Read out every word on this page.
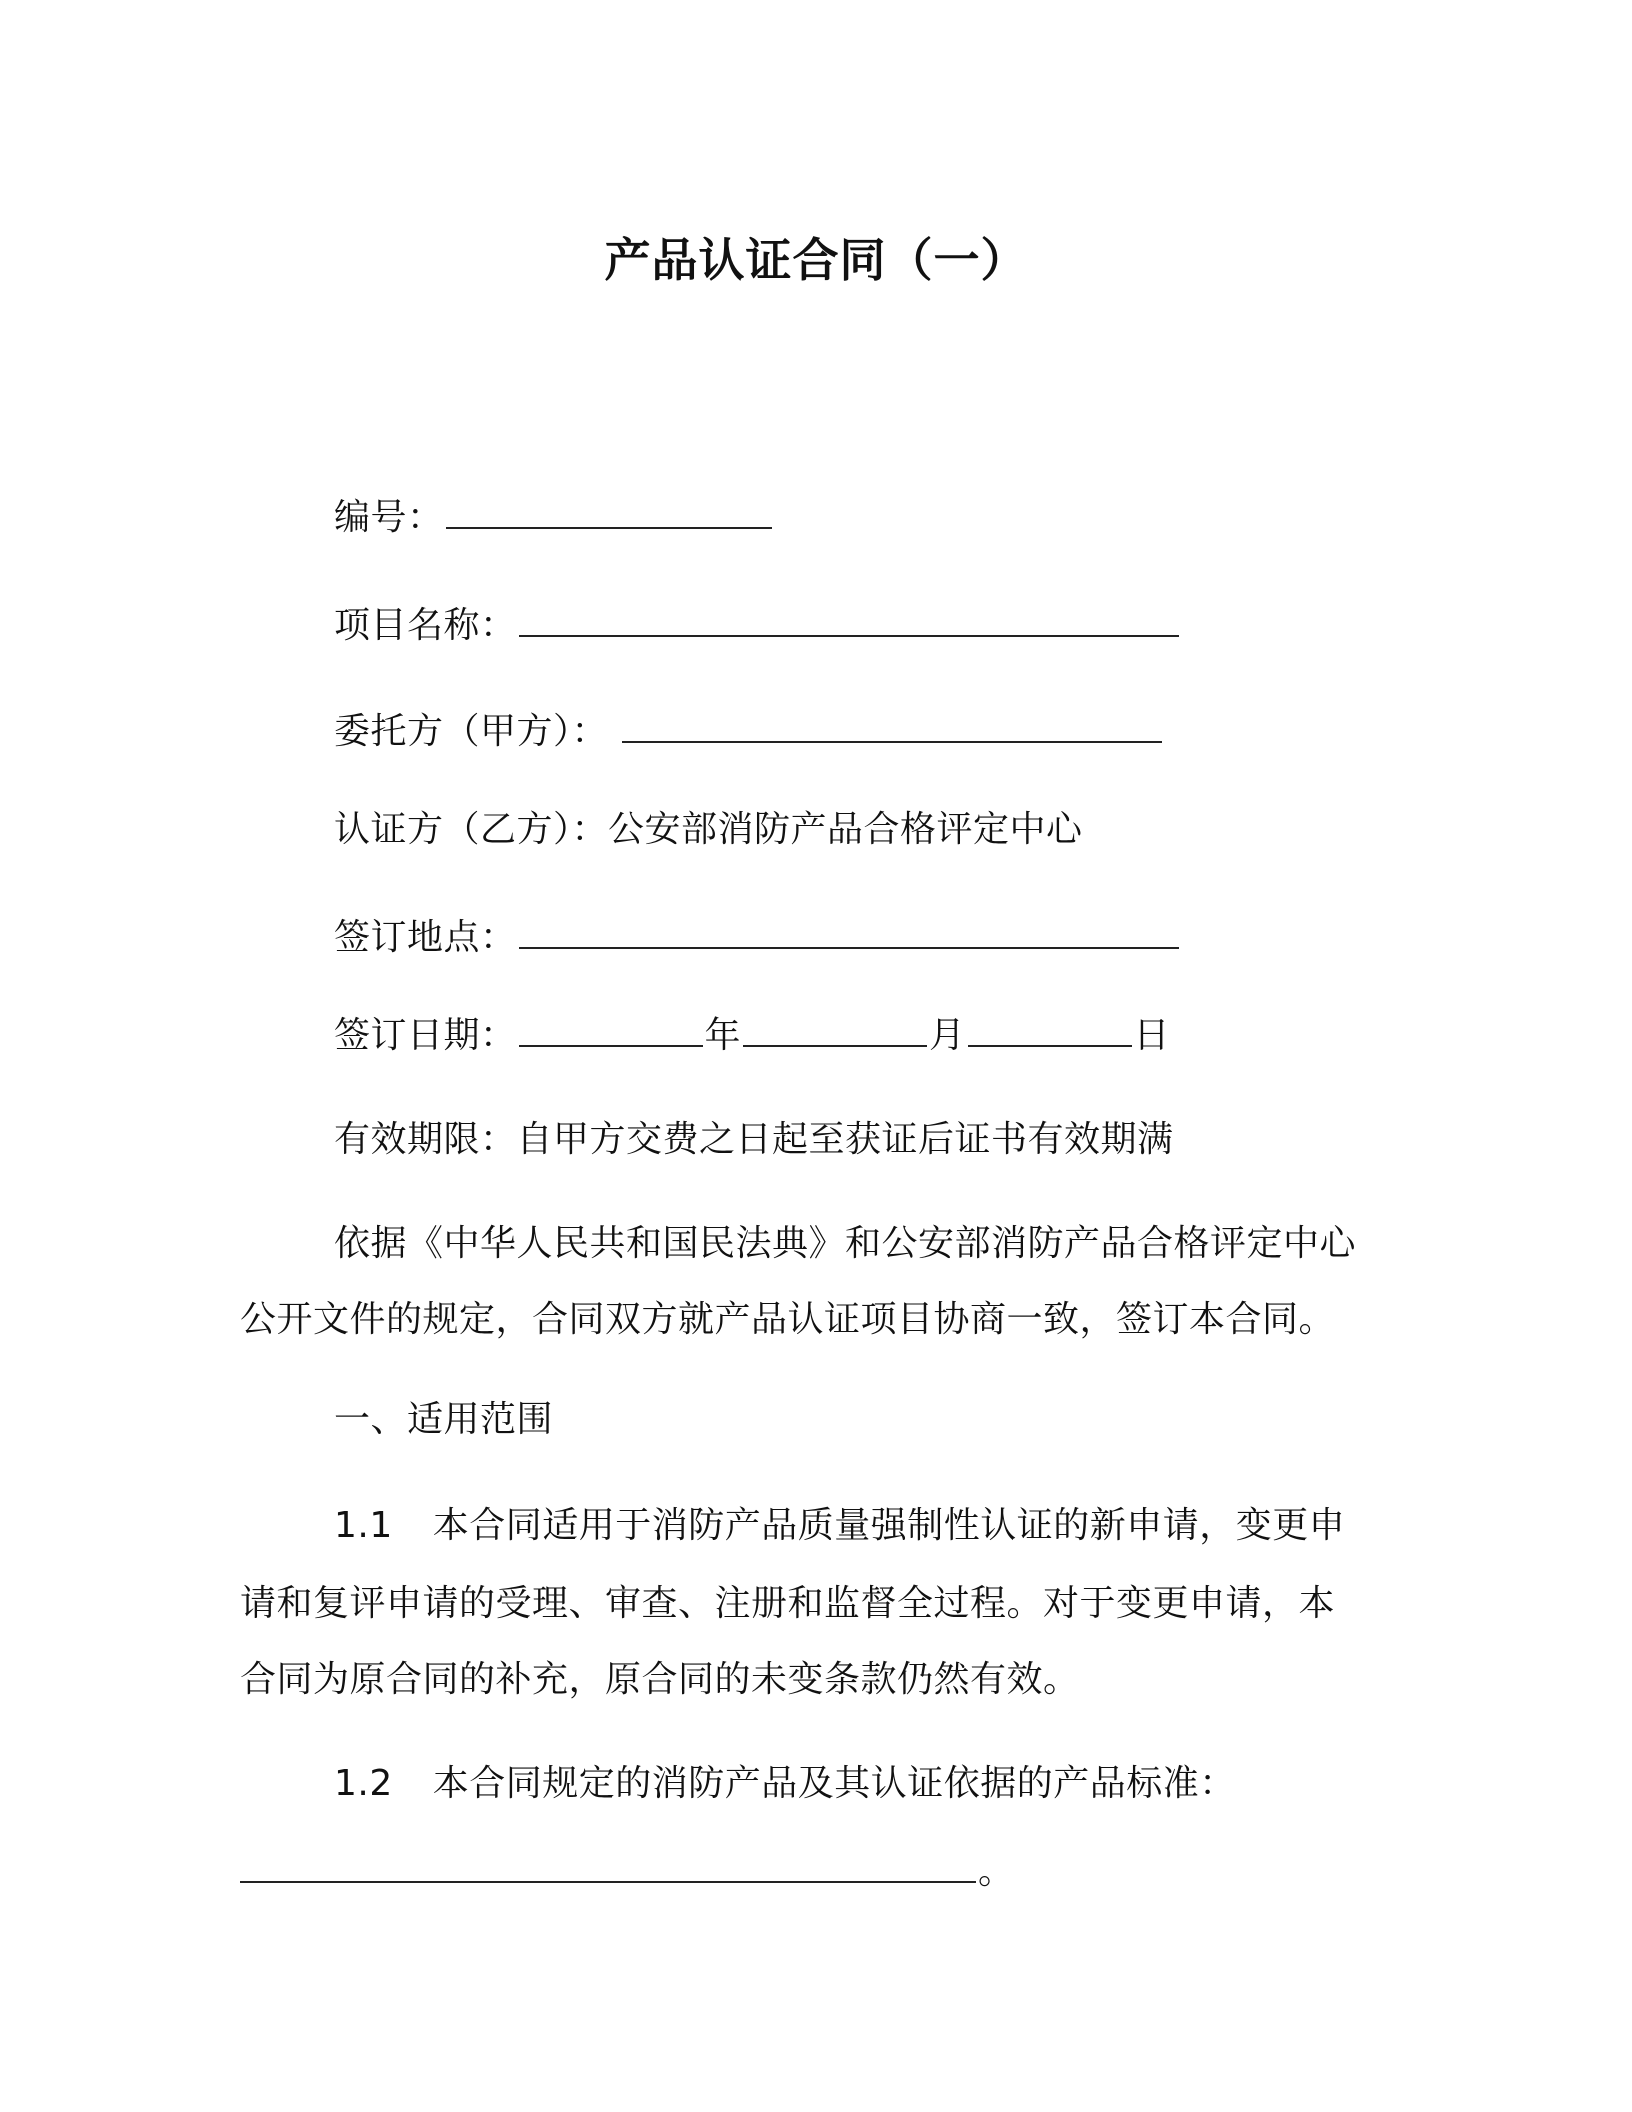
产品认证合同（一）
编号：
项目名称：
委托方（甲方）：
认证方（乙方）：公安部消防产品合格评定中心
签订地点：
签订日期：	年	月	日
有效期限：自甲方交费之日起至获证后证书有效期满
依据《中华人民共和国民法典》和公安部消防产品合格评定中心
公开文件的规定，合同双方就产品认证项目协商一致，签订本合同。
一、适用范围
1.1 本合同适用于消防产品质量强制性认证的新申请，变更申
请和复评申请的受理、审查、注册和监督全过程。对于变更申请，本
合同为原合同的补充，原合同的未变条款仍然有效。
1.2 本合同规定的消防产品及其认证依据的产品标准：
。
